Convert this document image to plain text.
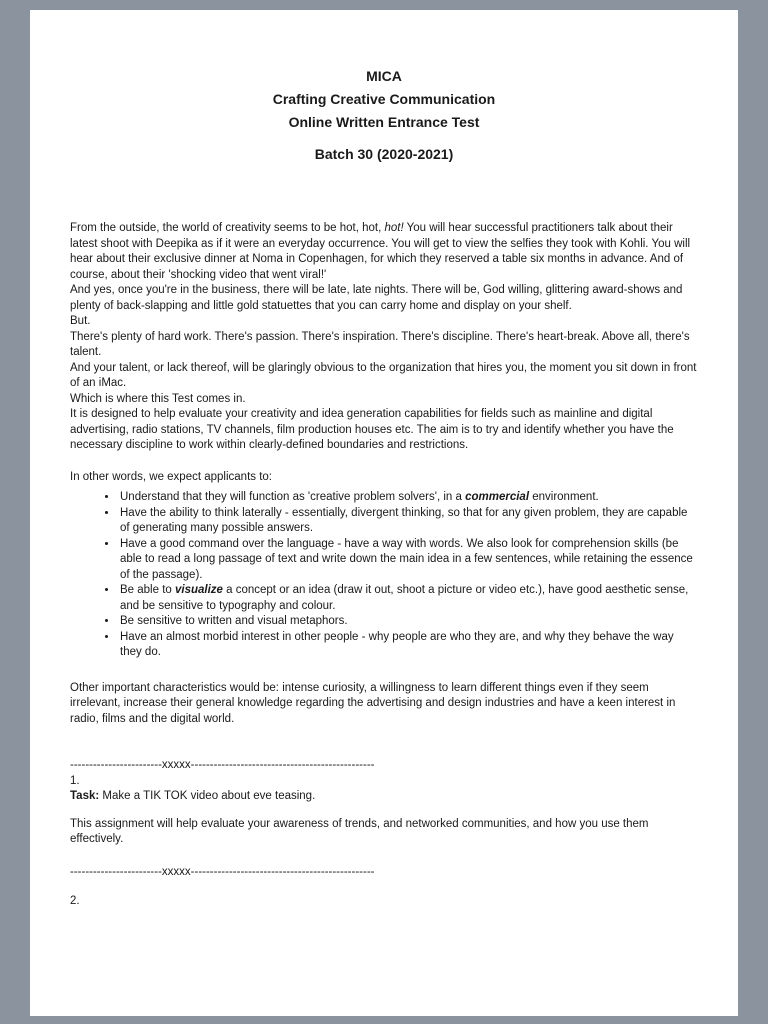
MICA
Crafting Creative Communication
Online Written Entrance Test
Batch 30 (2020-2021)

From the outside, the world of creativity seems to be hot, hot, hot! You will hear successful practitioners talk about their latest shoot with Deepika as if it were an everyday occurrence. You will get to view the selfies they took with Kohli. You will hear about their exclusive dinner at Noma in Copenhagen, for which they reserved a table six months in advance. And of course, about their 'shocking video that went viral!'

And yes, once you're in the business, there will be late, late nights. There will be, God willing, glittering award-shows and plenty of back-slapping and little gold statuettes that you can carry home and display on your shelf.

But.

There's plenty of hard work. There's passion. There's inspiration. There's discipline. There's heart-break. Above all, there's talent.

And your talent, or lack thereof, will be glaringly obvious to the organization that hires you, the moment you sit down in front of an iMac.

Which is where this Test comes in.

It is designed to help evaluate your creativity and idea generation capabilities for fields such as mainline and digital advertising, radio stations, TV channels, film production houses etc. The aim is to try and identify whether you have the necessary discipline to work within clearly-defined boundaries and restrictions.

In other words, we expect applicants to:

• Understand that they will function as 'creative problem solvers', in a commercial environment.
• Have the ability to think laterally - essentially, divergent thinking, so that for any given problem, they are capable of generating many possible answers.
• Have a good command over the language - have a way with words. We also look for comprehension skills (be able to read a long passage of text and write down the main idea in a few sentences, while retaining the essence of the passage).
• Be able to visualize a concept or an idea (draw it out, shoot a picture or video etc.), have good aesthetic sense, and be sensitive to typography and colour.
• Be sensitive to written and visual metaphors.
• Have an almost morbid interest in other people - why people are who they are, and why they behave the way they do.

Other important characteristics would be: intense curiosity, a willingness to learn different things even if they seem irrelevant, increase their general knowledge regarding the advertising and design industries and have a keen interest in radio, films and the digital world.

------------------------xxxxx------------------------------------------------
1.

Task: Make a TIK TOK video about eve teasing.

This assignment will help evaluate your awareness of trends, and networked communities, and how you use them effectively.

------------------------xxxxx------------------------------------------------
2.
